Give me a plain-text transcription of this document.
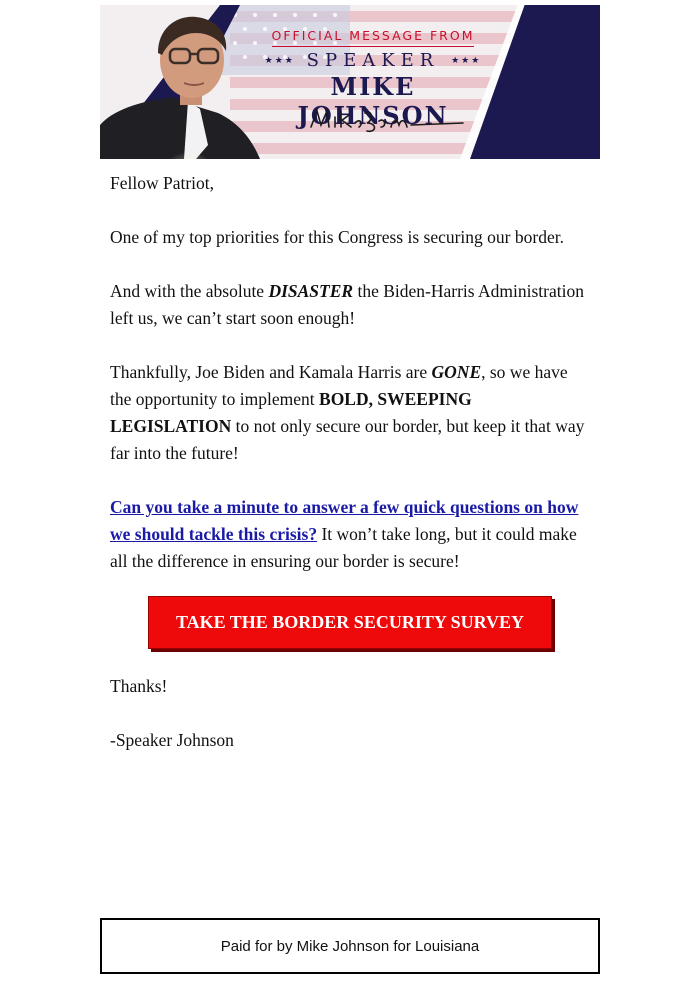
OFFICIAL MESSAGE FROM
★★★ SPEAKER ★★★
MIKE JOHNSON

Fellow Patriot,

One of my top priorities for this Congress is securing our border.

And with the absolute DISASTER the Biden-Harris Administration left us, we can’t start soon enough!

Thankfully, Joe Biden and Kamala Harris are GONE, so we have the opportunity to implement BOLD, SWEEPING LEGISLATION to not only secure our border, but keep it that way far into the future!

Can you take a minute to answer a few quick questions on how we should tackle this crisis? It won’t take long, but it could make all the difference in ensuring our border is secure!

TAKE THE BORDER SECURITY SURVEY

Thanks!

-Speaker Johnson

Paid for by Mike Johnson for Louisiana
